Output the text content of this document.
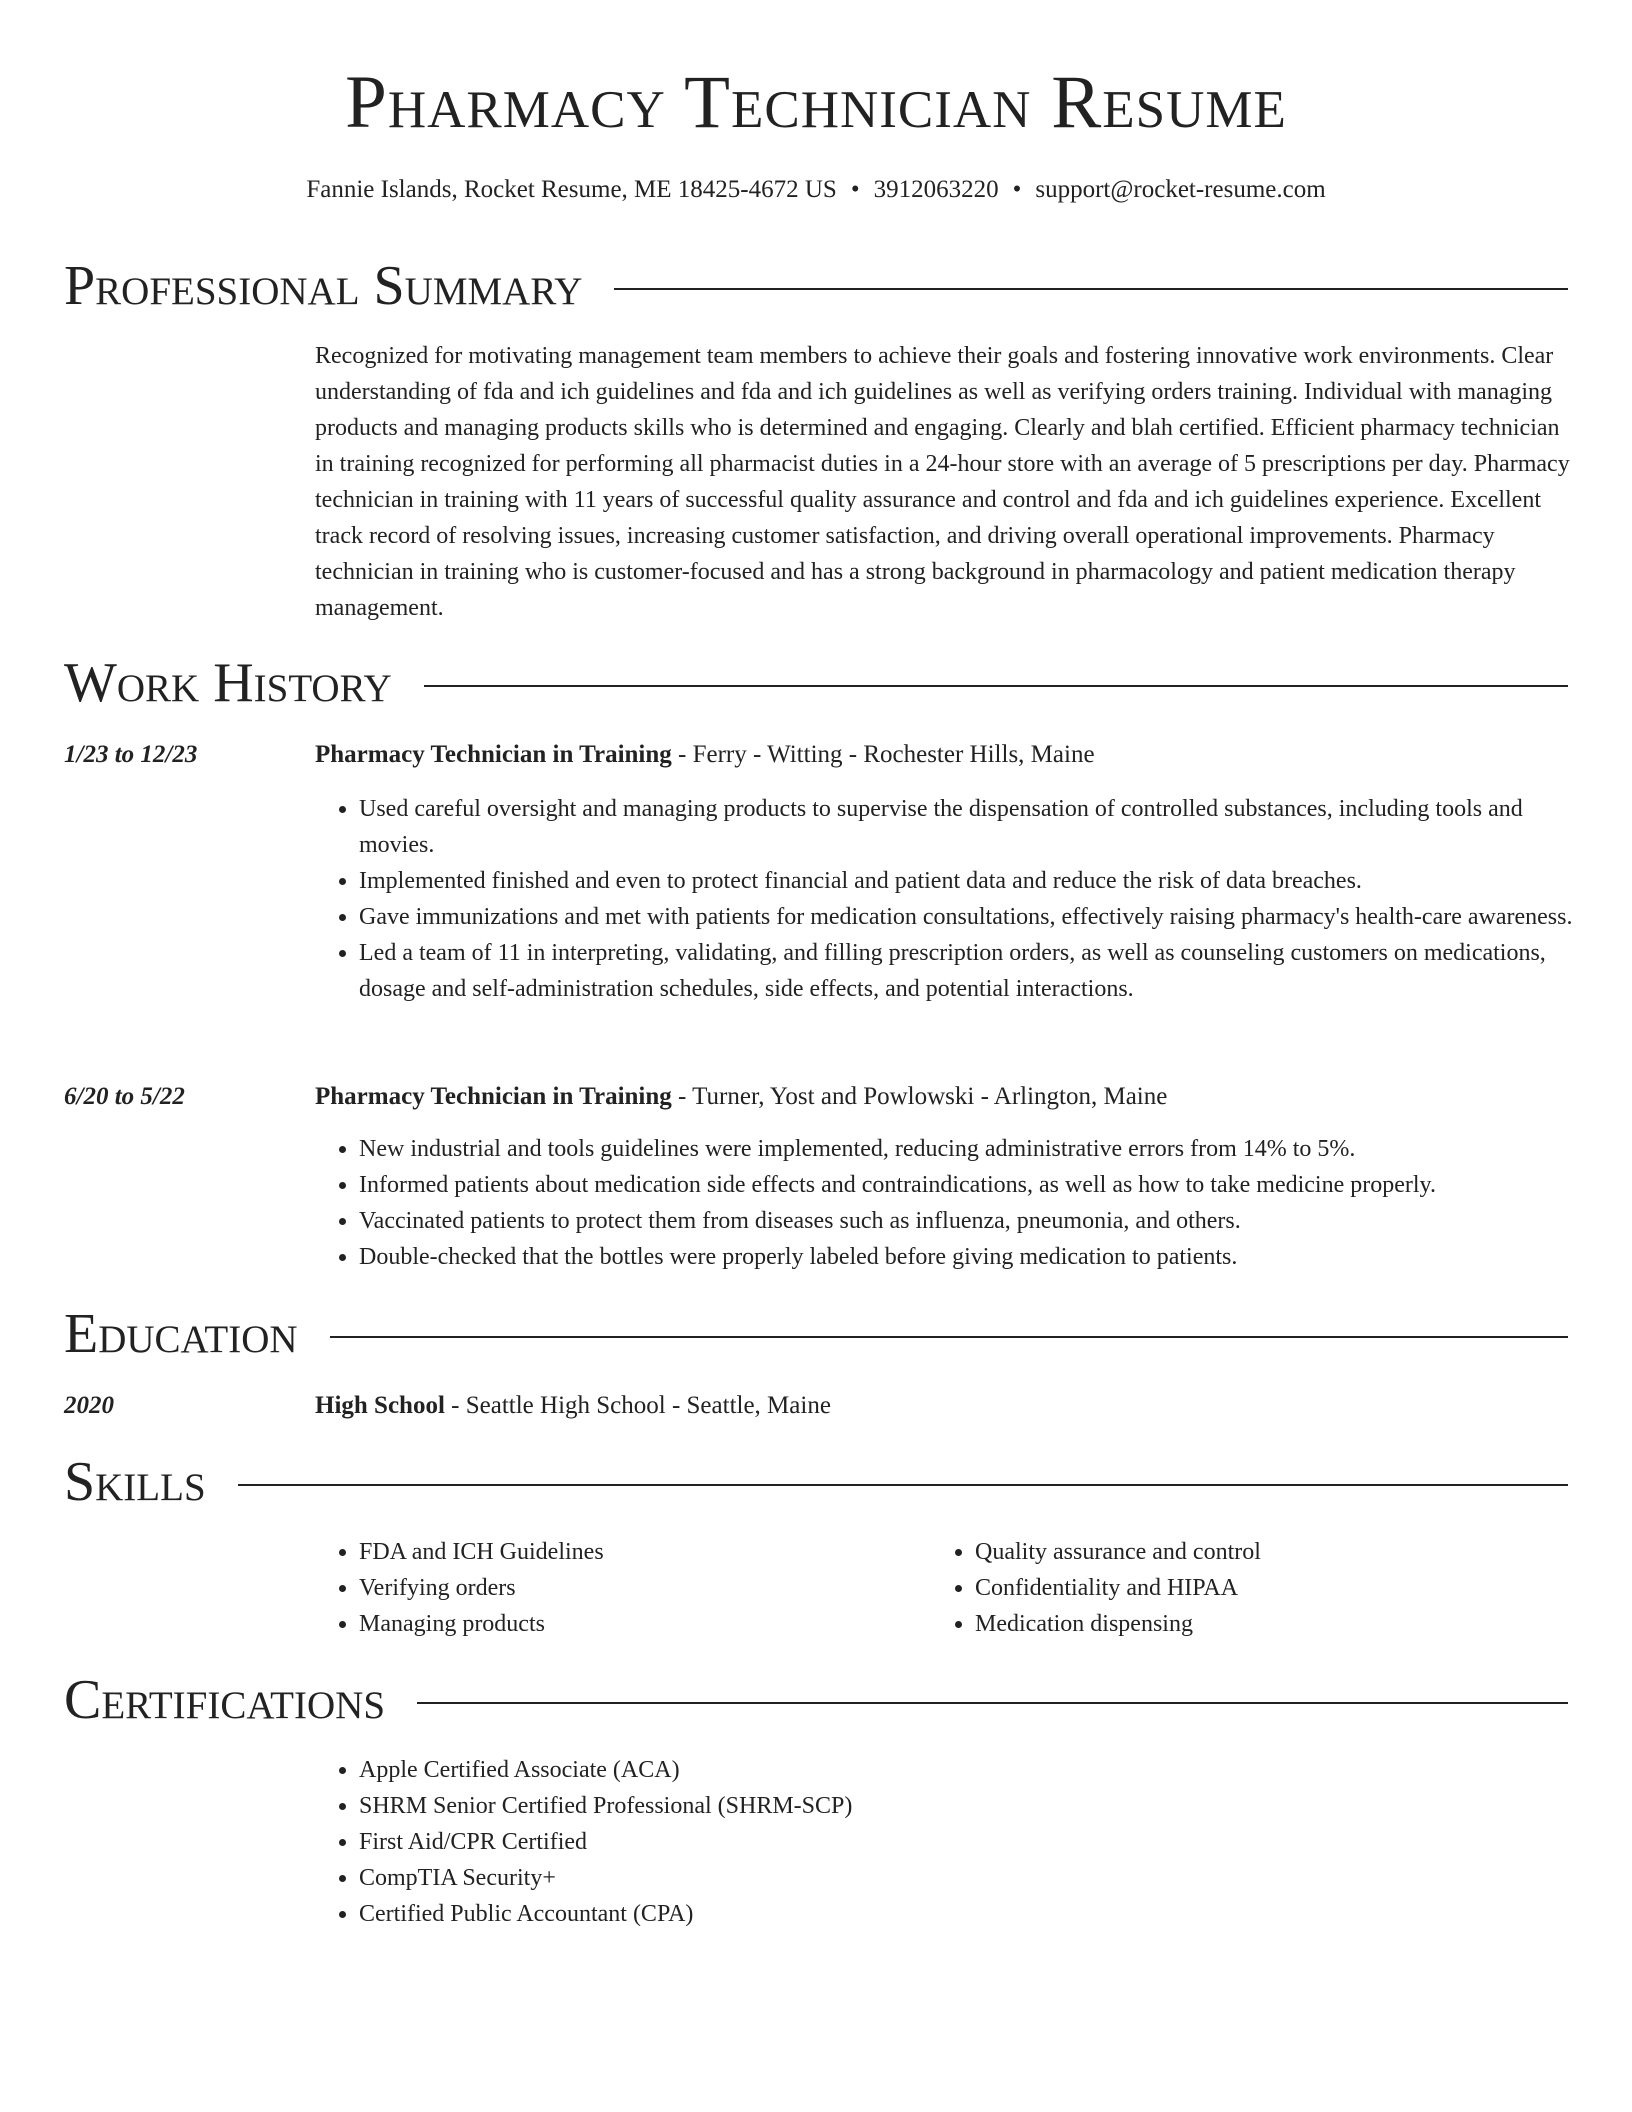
Pharmacy Technician Resume
Fannie Islands, Rocket Resume, ME 18425-4672 US • 3912063220 • support@rocket-resume.com
Professional Summary
Recognized for motivating management team members to achieve their goals and fostering innovative work environments. Clear understanding of fda and ich guidelines and fda and ich guidelines as well as verifying orders training. Individual with managing products and managing products skills who is determined and engaging. Clearly and blah certified. Efficient pharmacy technician in training recognized for performing all pharmacist duties in a 24-hour store with an average of 5 prescriptions per day. Pharmacy technician in training with 11 years of successful quality assurance and control and fda and ich guidelines experience. Excellent track record of resolving issues, increasing customer satisfaction, and driving overall operational improvements. Pharmacy technician in training who is customer-focused and has a strong background in pharmacology and patient medication therapy management.
Work History
1/23 to 12/23	Pharmacy Technician in Training - Ferry - Witting - Rochester Hills, Maine
• Used careful oversight and managing products to supervise the dispensation of controlled substances, including tools and movies.
• Implemented finished and even to protect financial and patient data and reduce the risk of data breaches.
• Gave immunizations and met with patients for medication consultations, effectively raising pharmacy's health-care awareness.
• Led a team of 11 in interpreting, validating, and filling prescription orders, as well as counseling customers on medications, dosage and self-administration schedules, side effects, and potential interactions.
6/20 to 5/22	Pharmacy Technician in Training - Turner, Yost and Powlowski - Arlington, Maine
• New industrial and tools guidelines were implemented, reducing administrative errors from 14% to 5%.
• Informed patients about medication side effects and contraindications, as well as how to take medicine properly.
• Vaccinated patients to protect them from diseases such as influenza, pneumonia, and others.
• Double-checked that the bottles were properly labeled before giving medication to patients.
Education
2020	High School - Seattle High School - Seattle, Maine
Skills
• FDA and ICH Guidelines
• Verifying orders
• Managing products
• Quality assurance and control
• Confidentiality and HIPAA
• Medication dispensing
Certifications
• Apple Certified Associate (ACA)
• SHRM Senior Certified Professional (SHRM-SCP)
• First Aid/CPR Certified
• CompTIA Security+
• Certified Public Accountant (CPA)
